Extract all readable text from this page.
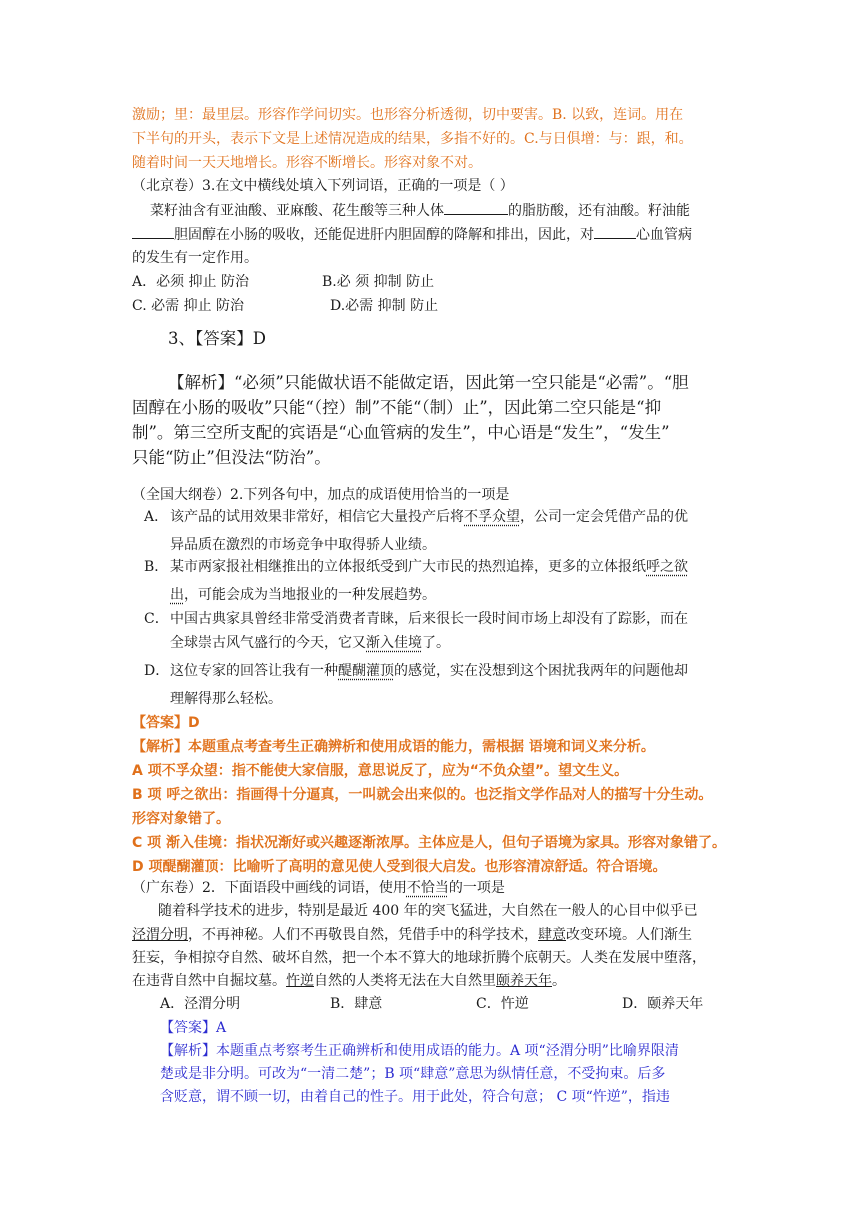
激励；里：最里层。形容作学问切实。也形容分析透彻，切中要害。B. 以致，连词。用在
下半句的开头，表示下文是上述情况造成的结果，多指不好的。C.与日俱增：与：跟，和。
随着时间一天天地增长。形容不断增长。形容对象不对。
（北京卷）3.在文中横线处填入下列词语，正确的一项是（ ）
菜籽油含有亚油酸、亚麻酸、花生酸等三种人体	的脂肪酸，还有油酸。籽油能
胆固醇在小肠的吸收，还能促进肝内胆固醇的降解和排出，因此，对	心血管病
的发生有一定作用。
A．必须 抑止 防治	B.必 须 抑制 防止
C. 必需 抑止 防治	D.必需 抑制 防止
3、【答案】D
【解析】“必须”只能做状语不能做定语，因此第一空只能是“必需”。“胆
固醇在小肠的吸收”只能“（控）制”不能“（制）止”，因此第二空只能是“抑
制”。第三空所支配的宾语是“心血管病的发生”，中心语是“发生”，“发生”
只能“防止”但没法“防治”。
（全国大纲卷）2.下列各句中，加点的成语使用恰当的一项是
A． 该产品的试用效果非常好，相信它大量投产后将不孚众望，公司一定会凭借产品的优
异品质在激烈的市场竞争中取得骄人业绩。
B． 某市两家报社相继推出的立体报纸受到广大市民的热烈追捧，更多的立体报纸呼之欲
出，可能会成为当地报业的一种发展趋势。
C． 中国古典家具曾经非常受消费者青睐，后来很长一段时间市场上却没有了踪影，而在
全球崇古风气盛行的今天，它又渐入佳境了。
D． 这位专家的回答让我有一种醍醐灌顶的感觉，实在没想到这个困扰我两年的问题他却
理解得那么轻松。
【答案】D
【解析】本题重点考查考生正确辨析和使用成语的能力，需根据 语境和词义来分析。
A 项不孚众望：指不能使大家信服，意思说反了，应为“不负众望”。望文生义。
B 项 呼之欲出：指画得十分逼真，一叫就会出来似的。也泛指文学作品对人的描写十分生动。
形容对象错了。
C 项 渐入佳境：指状况渐好或兴趣逐渐浓厚。主体应是人，但句子语境为家具。形容对象错了。
D 项醍醐灌顶：比喻听了高明的意见使人受到很大启发。也形容清凉舒适。符合语境。
（广东卷）2．下面语段中画线的词语，使用不恰当的一项是
随着科学技术的进步，特别是最近 400 年的突飞猛进，大自然在一般人的心目中似乎已
泾渭分明，不再神秘。人们不再敬畏自然，凭借手中的科学技术，肆意改变环境。人们渐生
狂妄，争相掠夺自然、破坏自然，把一个本不算大的地球折腾个底朝天。人类在发展中堕落，
在违背自然中自掘坟墓。忤逆自然的人类将无法在大自然里颐养天年。
A．泾渭分明	B．肆意	C．忤逆	D．颐养天年
【答案】A
【解析】本题重点考察考生正确辨析和使用成语的能力。A 项“泾渭分明”比喻界限清
楚或是非分明。可改为“一清二楚”；B 项“肆意”意思为纵情任意，不受拘束。后多
含贬意，谓不顾一切，由着自己的性子。用于此处，符合句意； C 项“忤逆”，指违
